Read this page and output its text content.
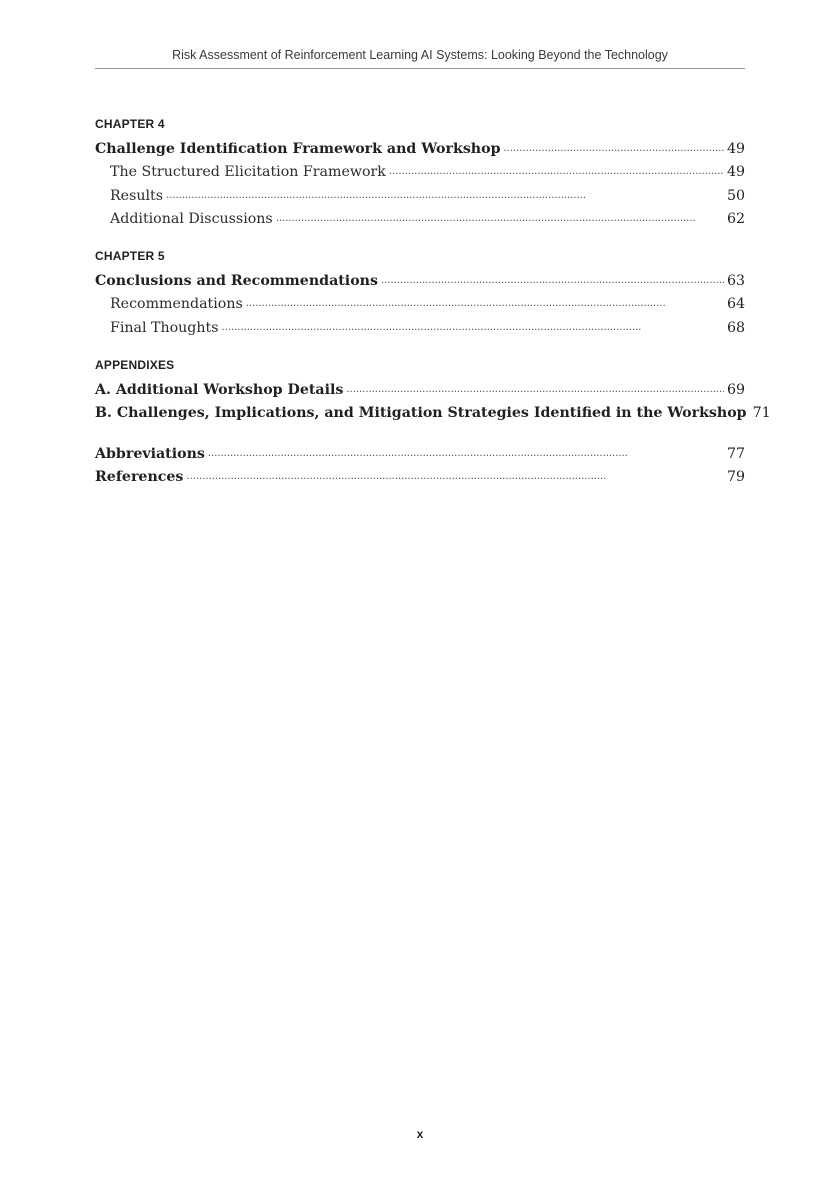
Risk Assessment of Reinforcement Learning AI Systems: Looking Beyond the Technology
CHAPTER 4
Challenge Identification Framework and Workshop . . .	49
The Structured Elicitation Framework . . .	49
Results . . .	50
Additional Discussions . . .	62
CHAPTER 5
Conclusions and Recommendations . . .	63
Recommendations . . .	64
Final Thoughts . . .	68
APPENDIXES
A. Additional Workshop Details . . .	69
B. Challenges, Implications, and Mitigation Strategies Identified in the Workshop 71
Abbreviations . . .	77
References . . .	79
x
